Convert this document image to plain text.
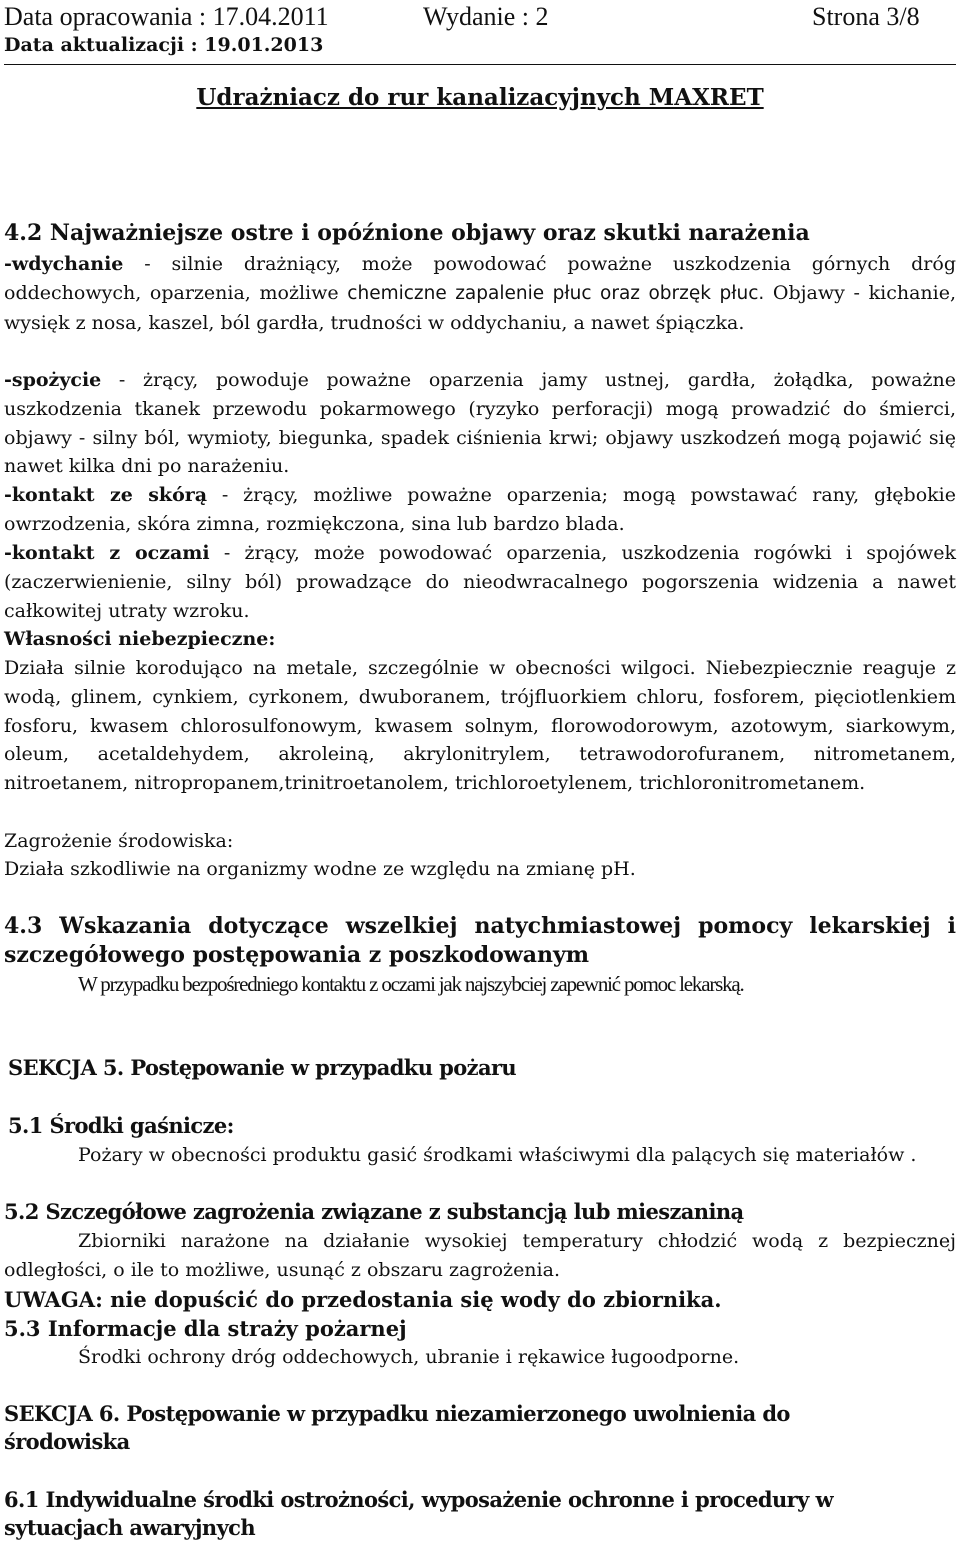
Data opracowania : 17.04.2011	Wydanie : 2	Strona 3/8
Data aktualizacji : 19.01.2013
Udrażniacz do rur kanalizacyjnych MAXRET
4.2 Najważniejsze ostre i opóźnione objawy oraz skutki narażenia
-wdychanie - silnie drażniący, może powodować poważne uszkodzenia górnych dróg oddechowych, oparzenia, możliwe chemiczne zapalenie płuc oraz obrzęk płuc. Objawy - kichanie, wysięk z nosa, kaszel, ból gardła, trudności w oddychaniu, a nawet śpiączka.
-spożycie - żrący, powoduje poważne oparzenia jamy ustnej, gardła, żołądka, poważne uszkodzenia tkanek przewodu pokarmowego (ryzyko perforacji) mogą prowadzić do śmierci, objawy - silny ból, wymioty, biegunka, spadek ciśnienia krwi; objawy uszkodzeń mogą pojawić się nawet kilka dni po narażeniu.
-kontakt ze skórą - żrący, możliwe poważne oparzenia; mogą powstawać rany, głębokie owrzodzenia, skóra zimna, rozmiękczona, sina lub bardzo blada.
-kontakt z oczami - żrący, może powodować oparzenia, uszkodzenia rogówki i spojówek (zaczerwienienie, silny ból) prowadzące do nieodwracalnego pogorszenia widzenia a nawet całkowitej utraty wzroku.
Własności niebezpieczne:
Działa silnie korodująco na metale, szczególnie w obecności wilgoci. Niebezpiecznie reaguje z wodą, glinem, cynkiem, cyrkonem, dwuboranem, trójfluorkiem chloru, fosforem, pięciotlenkiem fosforu, kwasem chlorosulfonowym, kwasem solnym, florowodorowym, azotowym, siarkowym, oleum, acetaldehydem, akroleiną, akrylonitrylem, tetrawodorofuranem, nitrometanem, nitroetanem, nitropropanem,trinitroetanolem, trichloroetylenem, trichloronitrometanem.
Zagrożenie środowiska:
Działa szkodliwie na organizmy wodne ze względu na zmianę pH.
4.3 Wskazania dotyczące wszelkiej natychmiastowej pomocy lekarskiej i szczegółowego postępowania z poszkodowanym
W przypadku bezpośredniego kontaktu z oczami jak najszybciej zapewnić pomoc lekarską.
SEKCJA 5. Postępowanie w przypadku pożaru
5.1 Środki gaśnicze:
Pożary w obecności produktu gasić środkami właściwymi dla palących się materiałów .
5.2 Szczegółowe zagrożenia związane z substancją lub mieszaniną
Zbiorniki narażone na działanie wysokiej temperatury chłodzić wodą z bezpiecznej odległości, o ile to możliwe, usunąć z obszaru zagrożenia.
UWAGA: nie dopuścić do przedostania się wody do zbiornika.
5.3 Informacje dla straży pożarnej
Środki ochrony dróg oddechowych, ubranie i rękawice ługoodporne.
SEKCJA 6. Postępowanie w przypadku niezamierzonego uwolnienia do środowiska
6.1 Indywidualne środki ostrożności, wyposażenie ochronne i procedury w sytuacjach awaryjnych
